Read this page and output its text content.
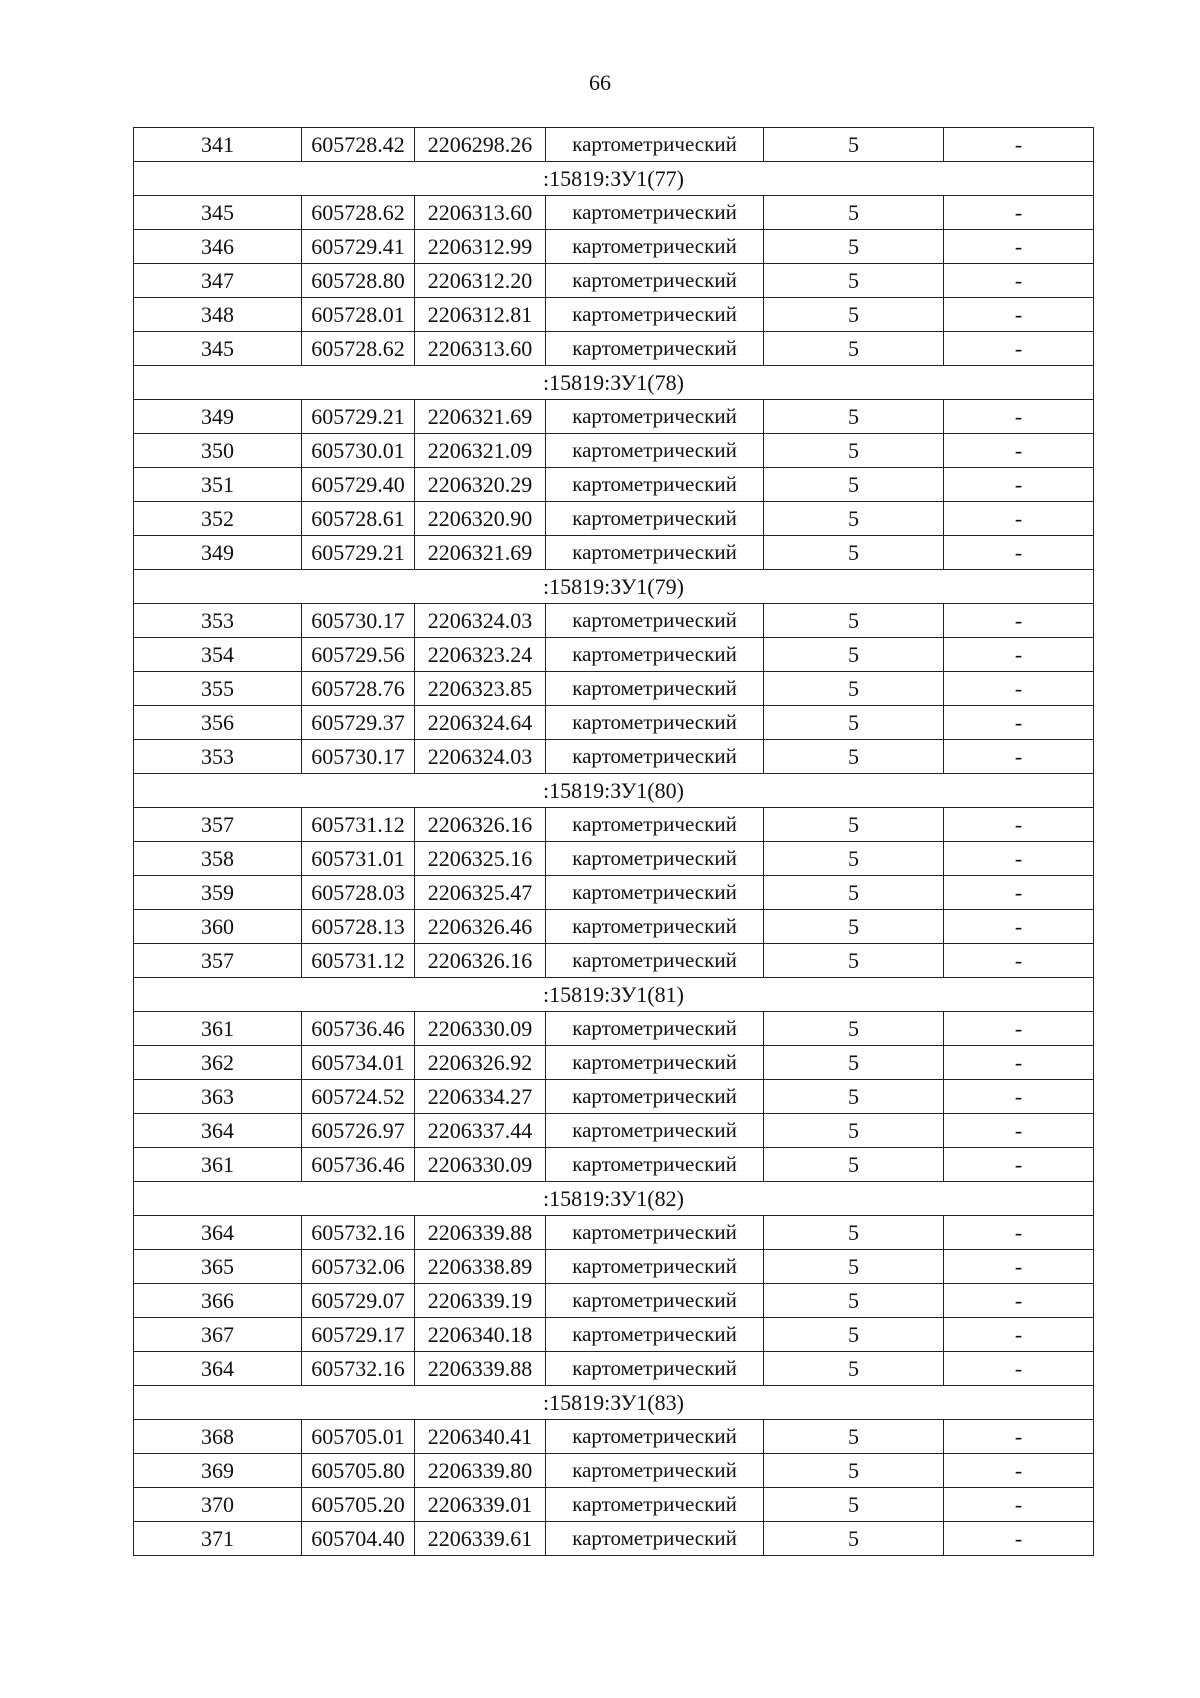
66
341	605728.42	2206298.26	картометрический	5	-
:15819:ЗУ1(77)					
345	605728.62	2206313.60	картометрический	5	-
346	605729.41	2206312.99	картометрический	5	-
347	605728.80	2206312.20	картометрический	5	-
348	605728.01	2206312.81	картометрический	5	-
345	605728.62	2206313.60	картометрический	5	-
:15819:ЗУ1(78)					
349	605729.21	2206321.69	картометрический	5	-
350	605730.01	2206321.09	картометрический	5	-
351	605729.40	2206320.29	картометрический	5	-
352	605728.61	2206320.90	картометрический	5	-
349	605729.21	2206321.69	картометрический	5	-
:15819:ЗУ1(79)					
353	605730.17	2206324.03	картометрический	5	-
354	605729.56	2206323.24	картометрический	5	-
355	605728.76	2206323.85	картометрический	5	-
356	605729.37	2206324.64	картометрический	5	-
353	605730.17	2206324.03	картометрический	5	-
:15819:ЗУ1(80)					
357	605731.12	2206326.16	картометрический	5	-
358	605731.01	2206325.16	картометрический	5	-
359	605728.03	2206325.47	картометрический	5	-
360	605728.13	2206326.46	картометрический	5	-
357	605731.12	2206326.16	картометрический	5	-
:15819:ЗУ1(81)					
361	605736.46	2206330.09	картометрический	5	-
362	605734.01	2206326.92	картометрический	5	-
363	605724.52	2206334.27	картометрический	5	-
364	605726.97	2206337.44	картометрический	5	-
361	605736.46	2206330.09	картометрический	5	-
:15819:ЗУ1(82)					
364	605732.16	2206339.88	картометрический	5	-
365	605732.06	2206338.89	картометрический	5	-
366	605729.07	2206339.19	картометрический	5	-
367	605729.17	2206340.18	картометрический	5	-
364	605732.16	2206339.88	картометрический	5	-
:15819:ЗУ1(83)					
368	605705.01	2206340.41	картометрический	5	-
369	605705.80	2206339.80	картометрический	5	-
370	605705.20	2206339.01	картометрический	5	-
371	605704.40	2206339.61	картометрический	5	-
